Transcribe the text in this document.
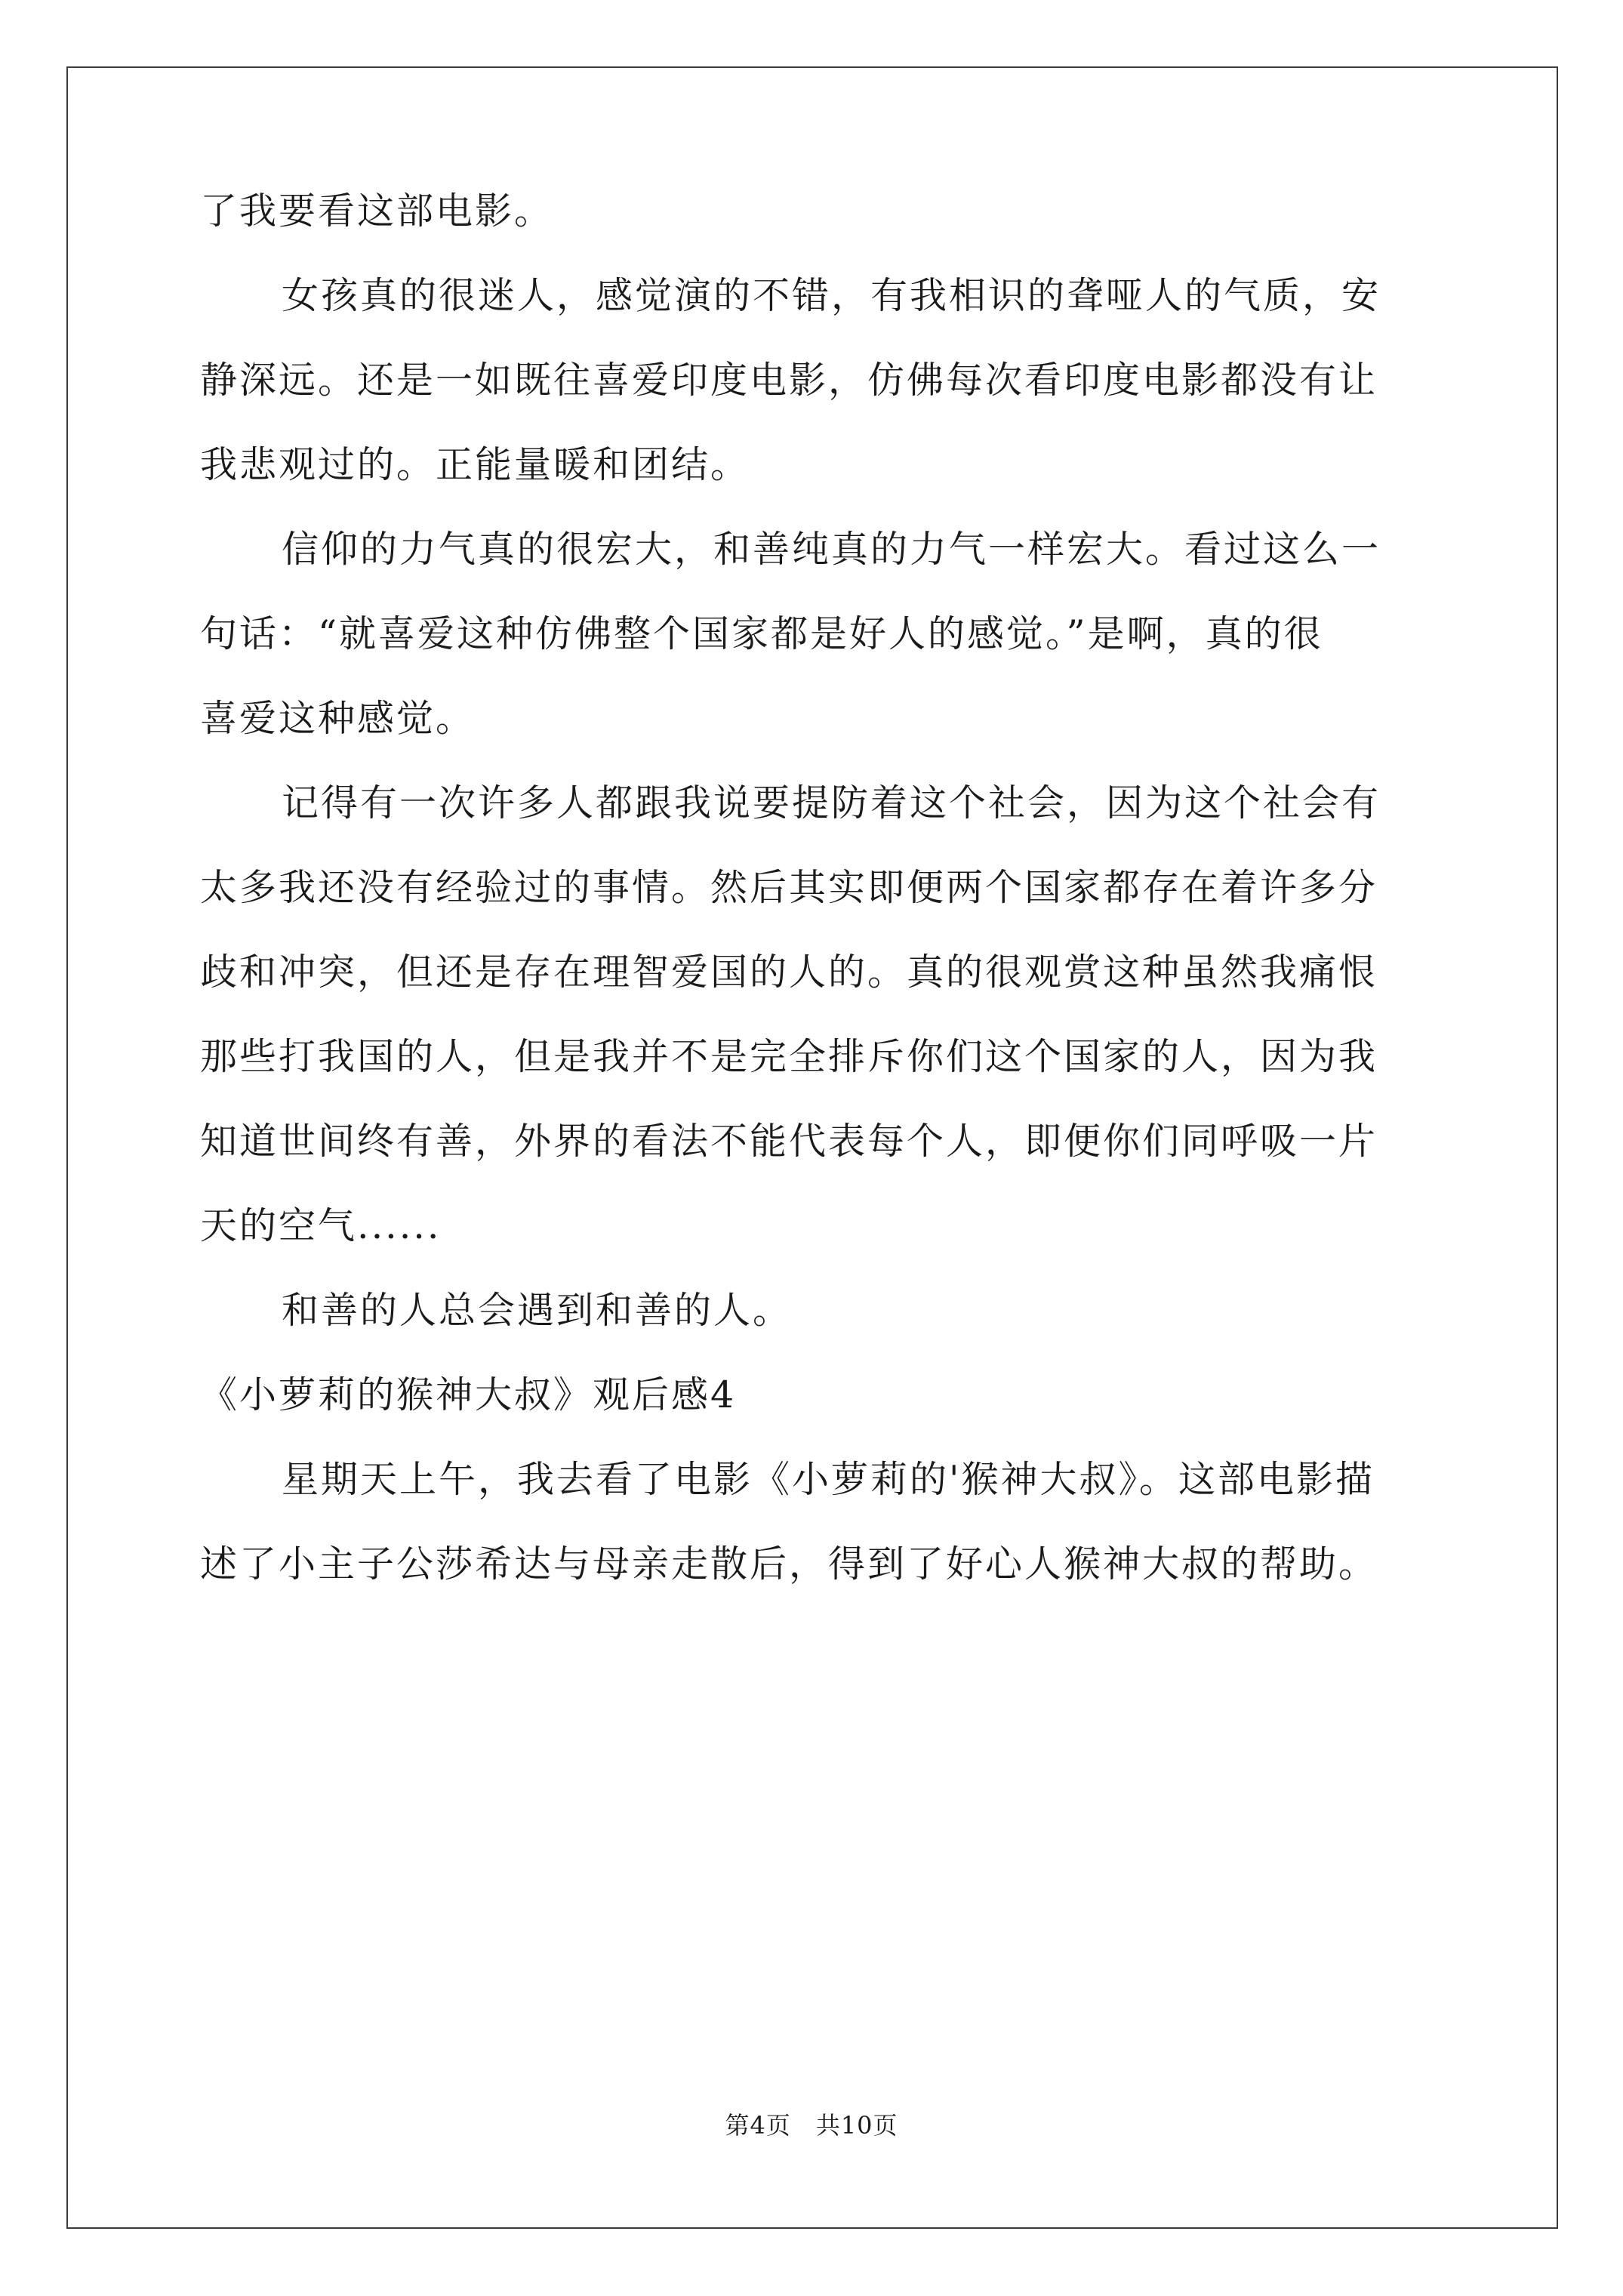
了我要看这部电影。
女孩真的很迷人，感觉演的不错，有我相识的聋哑人的气质，安
静深远。还是一如既往喜爱印度电影，仿佛每次看印度电影都没有让
我悲观过的。正能量暖和团结。
信仰的力气真的很宏大，和善纯真的力气一样宏大。看过这么一
句话：“就喜爱这种仿佛整个国家都是好人的感觉。”是啊，真的很
喜爱这种感觉。
记得有一次许多人都跟我说要提防着这个社会，因为这个社会有
太多我还没有经验过的事情。然后其实即便两个国家都存在着许多分
歧和冲突，但还是存在理智爱国的人的。真的很观赏这种虽然我痛恨
那些打我国的人，但是我并不是完全排斥你们这个国家的人，因为我
知道世间终有善，外界的看法不能代表每个人，即便你们同呼吸一片
天的空气......
和善的人总会遇到和善的人。
《小萝莉的猴神大叔》观后感4
星期天上午，我去看了电影《小萝莉的'猴神大叔》。这部电影描
述了小主子公莎希达与母亲走散后，得到了好心人猴神大叔的帮助。
第4页　共10页
